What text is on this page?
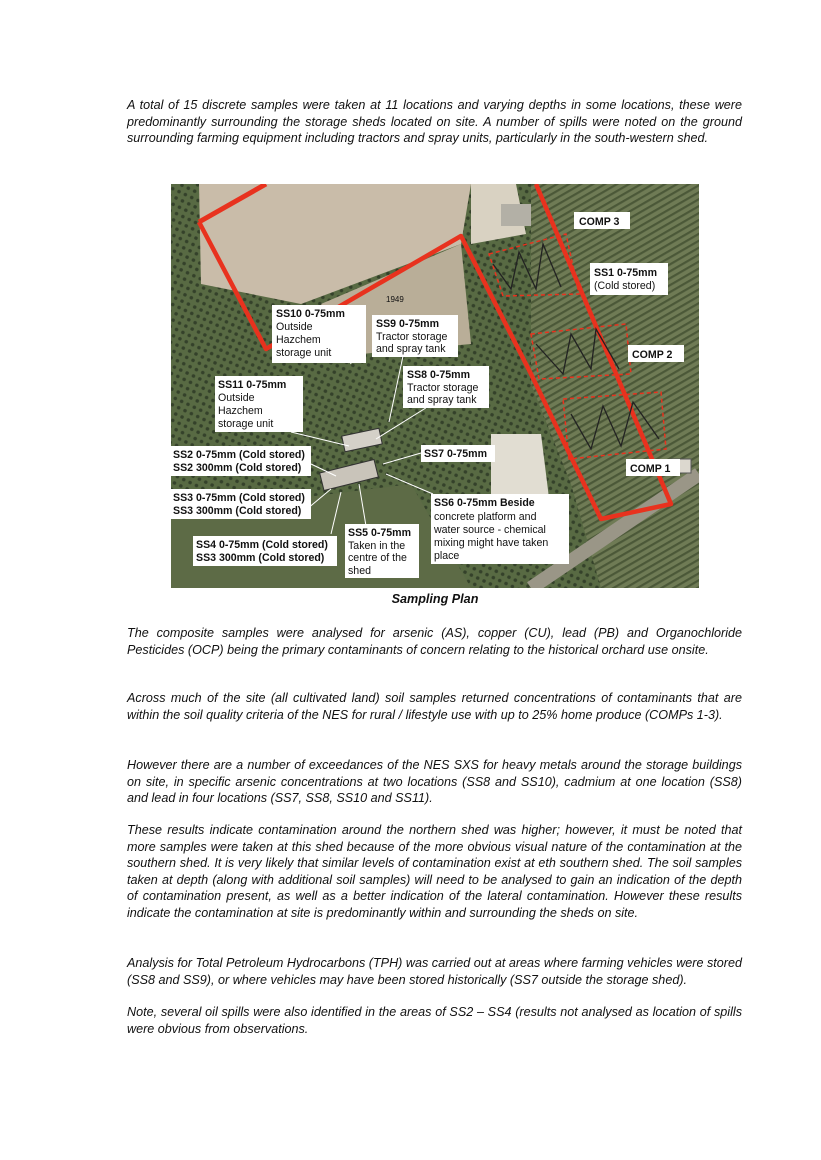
A total of 15 discrete samples were taken at 11 locations and varying depths in some locations, these were predominantly surrounding the storage sheds located on site. A number of spills were noted on the ground surrounding farming equipment including tractors and spray units, particularly in the south-western shed.

1949
COMP 3
COMP 2
COMP 1
SS1 0-75mm
(Cold stored)
SS10 0-75mm
Outside
Hazchem
storage unit
SS9 0-75mm
Tractor storage
and spray tank
SS8 0-75mm
Tractor storage
and spray tank
SS11 0-75mm
Outside
Hazchem
storage unit
SS2 0-75mm (Cold stored)
SS2 300mm (Cold stored)
SS7 0-75mm
SS3 0-75mm (Cold stored)
SS3 300mm (Cold stored)
SS6 0-75mm Beside
concrete platform and
water source - chemical
mixing might have taken
place
SS5 0-75mm
Taken in the
centre of the
shed
SS4 0-75mm (Cold stored)
SS3 300mm (Cold stored)

Sampling Plan

The composite samples were analysed for arsenic (AS), copper (CU), lead (PB) and Organochloride Pesticides (OCP) being the primary contaminants of concern relating to the historical orchard use onsite.

Across much of the site (all cultivated land) soil samples returned concentrations of contaminants that are within the soil quality criteria of the NES for rural / lifestyle use with up to 25% home produce (COMPs 1-3).

However there are a number of exceedances of the NES SXS for heavy metals around the storage buildings on site, in specific arsenic concentrations at two locations (SS8 and SS10), cadmium at one location (SS8) and lead in four locations (SS7, SS8, SS10 and SS11).

These results indicate contamination around the northern shed was higher; however, it must be noted that more samples were taken at this shed because of the more obvious visual nature of the contamination at the southern shed. It is very likely that similar levels of contamination exist at eth southern shed. The soil samples taken at depth (along with additional soil samples) will need to be analysed to gain an indication of the depth of contamination present, as well as a better indication of the lateral contamination. However these results indicate the contamination at site is predominantly within and surrounding the sheds on site.

Analysis for Total Petroleum Hydrocarbons (TPH) was carried out at areas where farming vehicles were stored (SS8 and SS9), or where vehicles may have been stored historically (SS7 outside the storage shed).

Note, several oil spills were also identified in the areas of SS2 – SS4 (results not analysed as location of spills were obvious from observations.
